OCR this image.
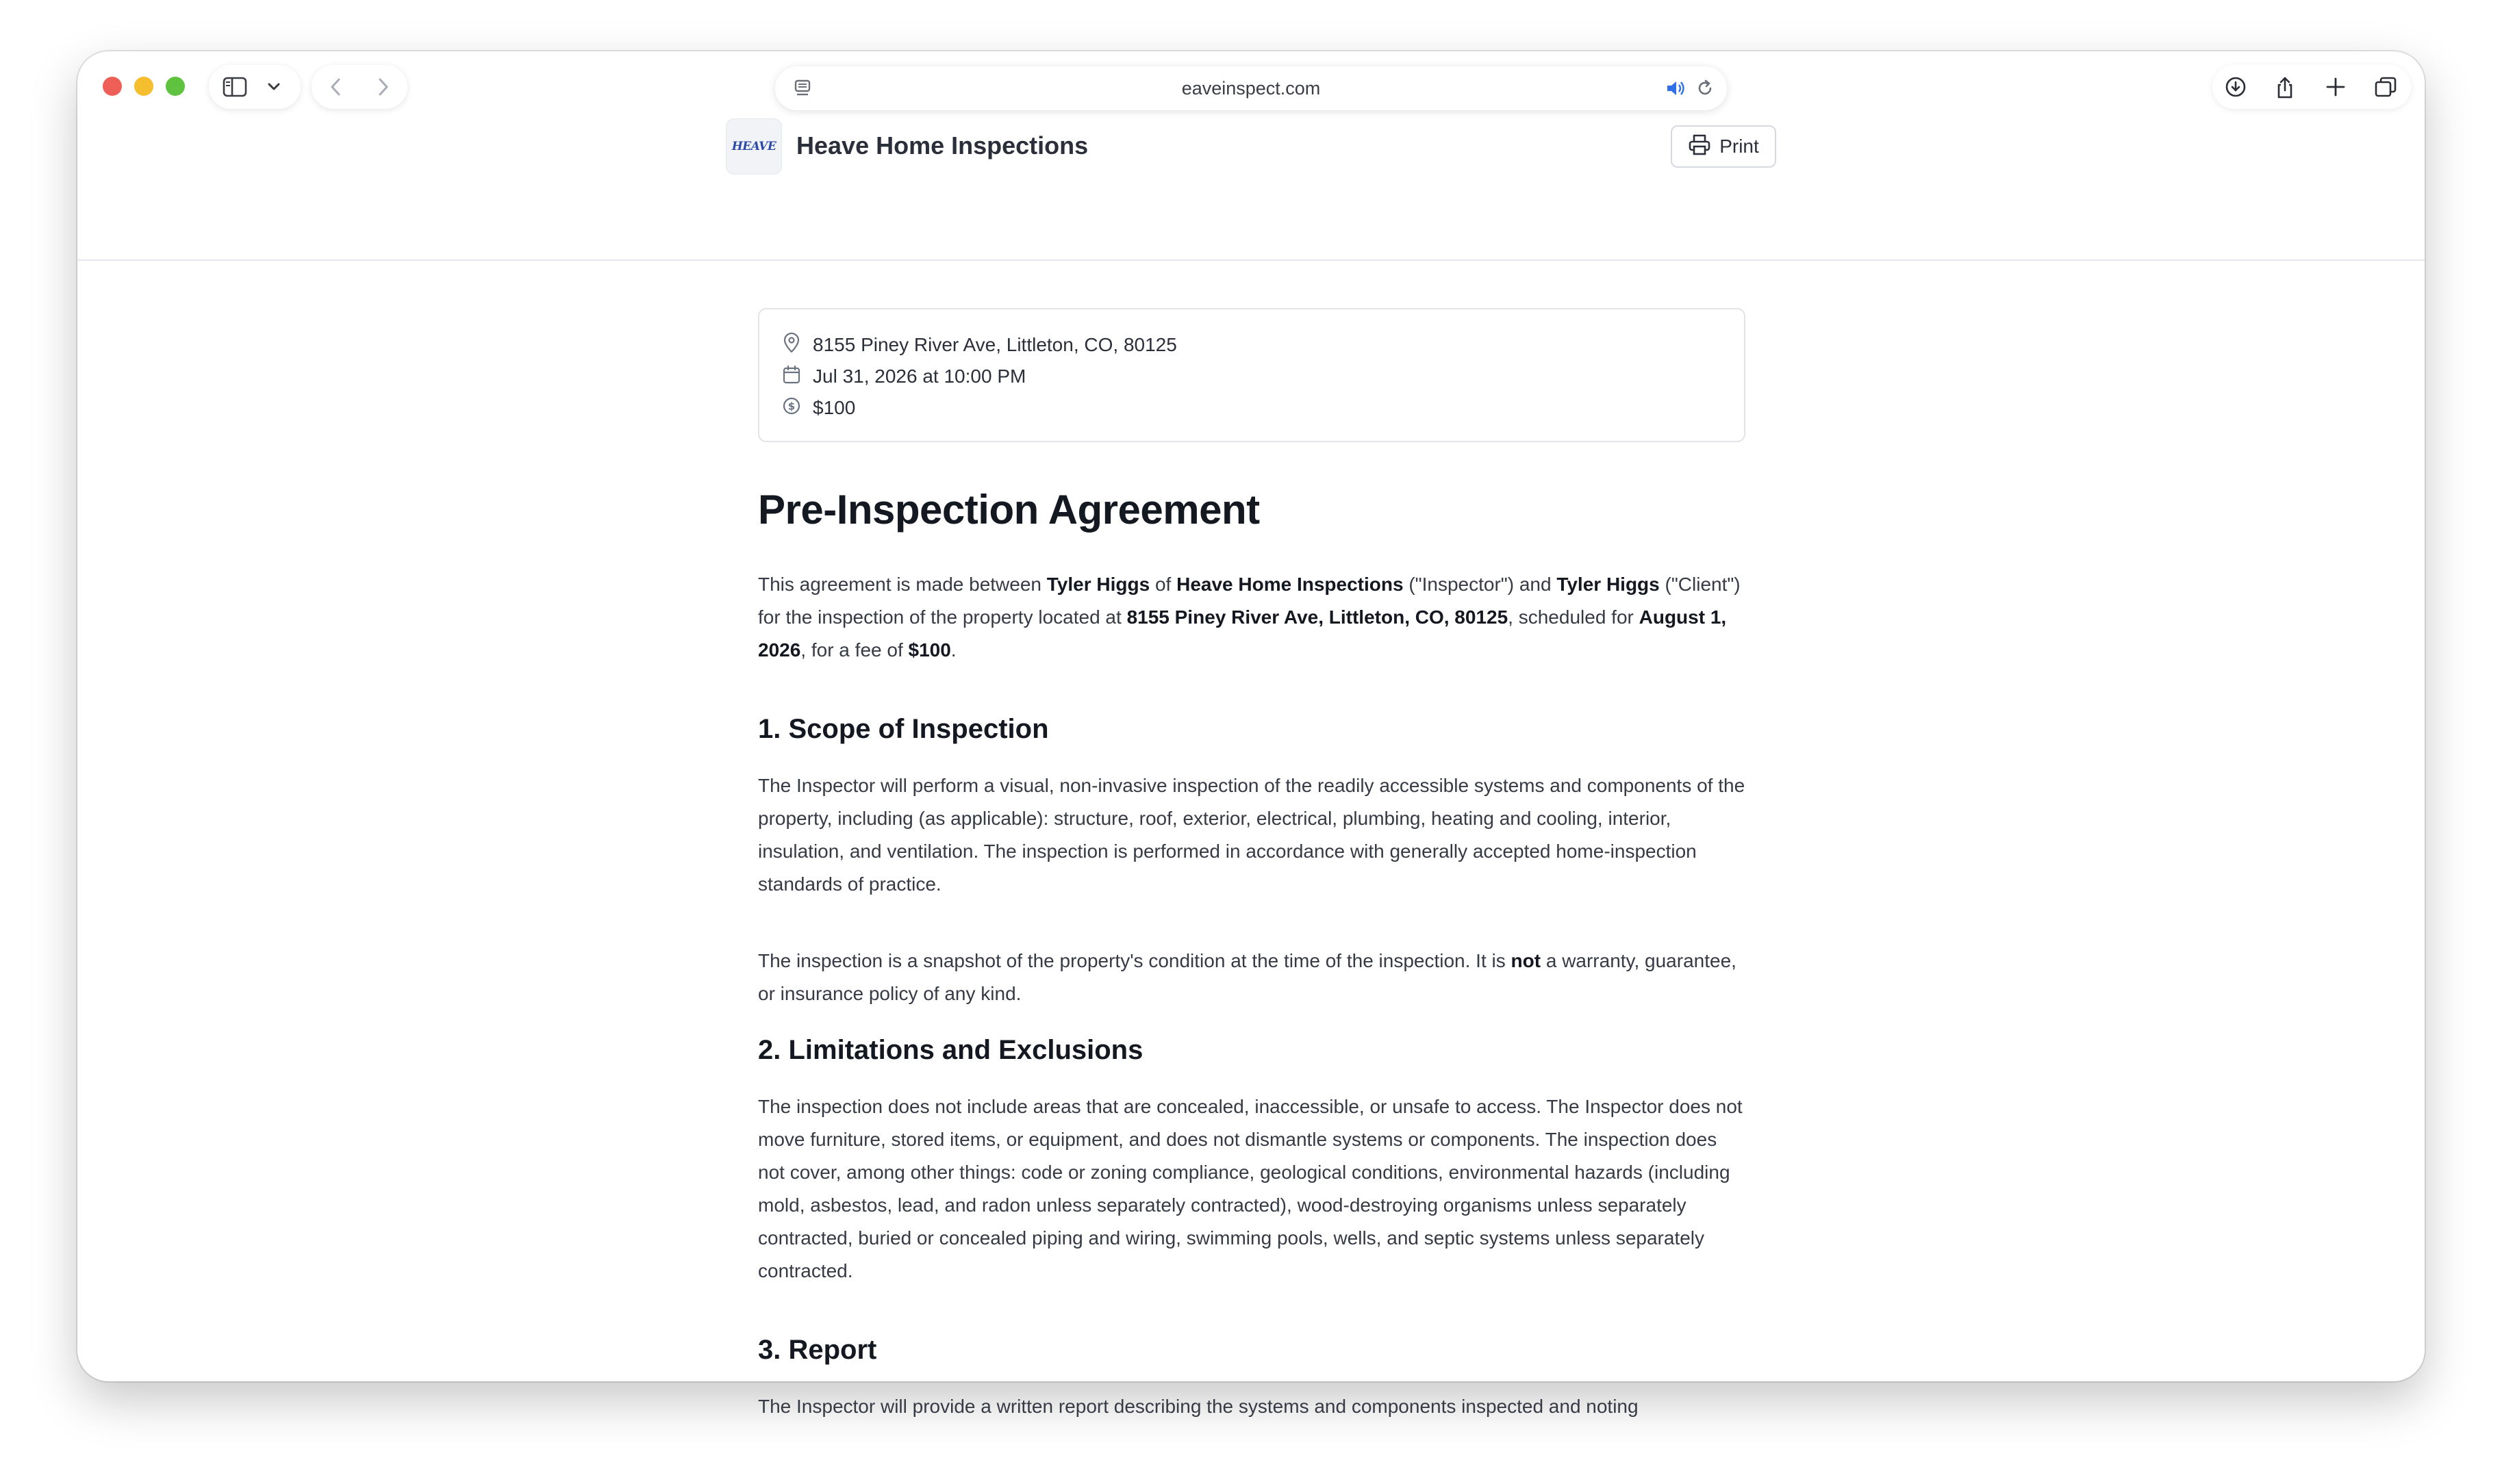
eaveinspect.com
HEAVE Heave Home Inspections	Print
8155 Piney River Ave, Littleton, CO, 80125
Jul 31, 2026 at 10:00 PM
$ $100
Pre-Inspection Agreement

This agreement is made between Tyler Higgs of Heave Home Inspections ("Inspector") and Tyler Higgs ("Client") for the inspection of the property located at 8155 Piney River Ave, Littleton, CO, 80125, scheduled for August 1, 2026, for a fee of $100.

1. Scope of Inspection

The Inspector will perform a visual, non-invasive inspection of the readily accessible systems and components of the property, including (as applicable): structure, roof, exterior, electrical, plumbing, heating and cooling, interior, insulation, and ventilation. The inspection is performed in accordance with generally accepted home-inspection standards of practice.

The inspection is a snapshot of the property's condition at the time of the inspection. It is not a warranty, guarantee, or insurance policy of any kind.

2. Limitations and Exclusions

The inspection does not include areas that are concealed, inaccessible, or unsafe to access. The Inspector does not move furniture, stored items, or equipment, and does not dismantle systems or components. The inspection does not cover, among other things: code or zoning compliance, geological conditions, environmental hazards (including mold, asbestos, lead, and radon unless separately contracted), wood-destroying organisms unless separately contracted, buried or concealed piping and wiring, swimming pools, wells, and septic systems unless separately contracted.

3. Report

The Inspector will provide a written report describing the systems and components inspected and noting
